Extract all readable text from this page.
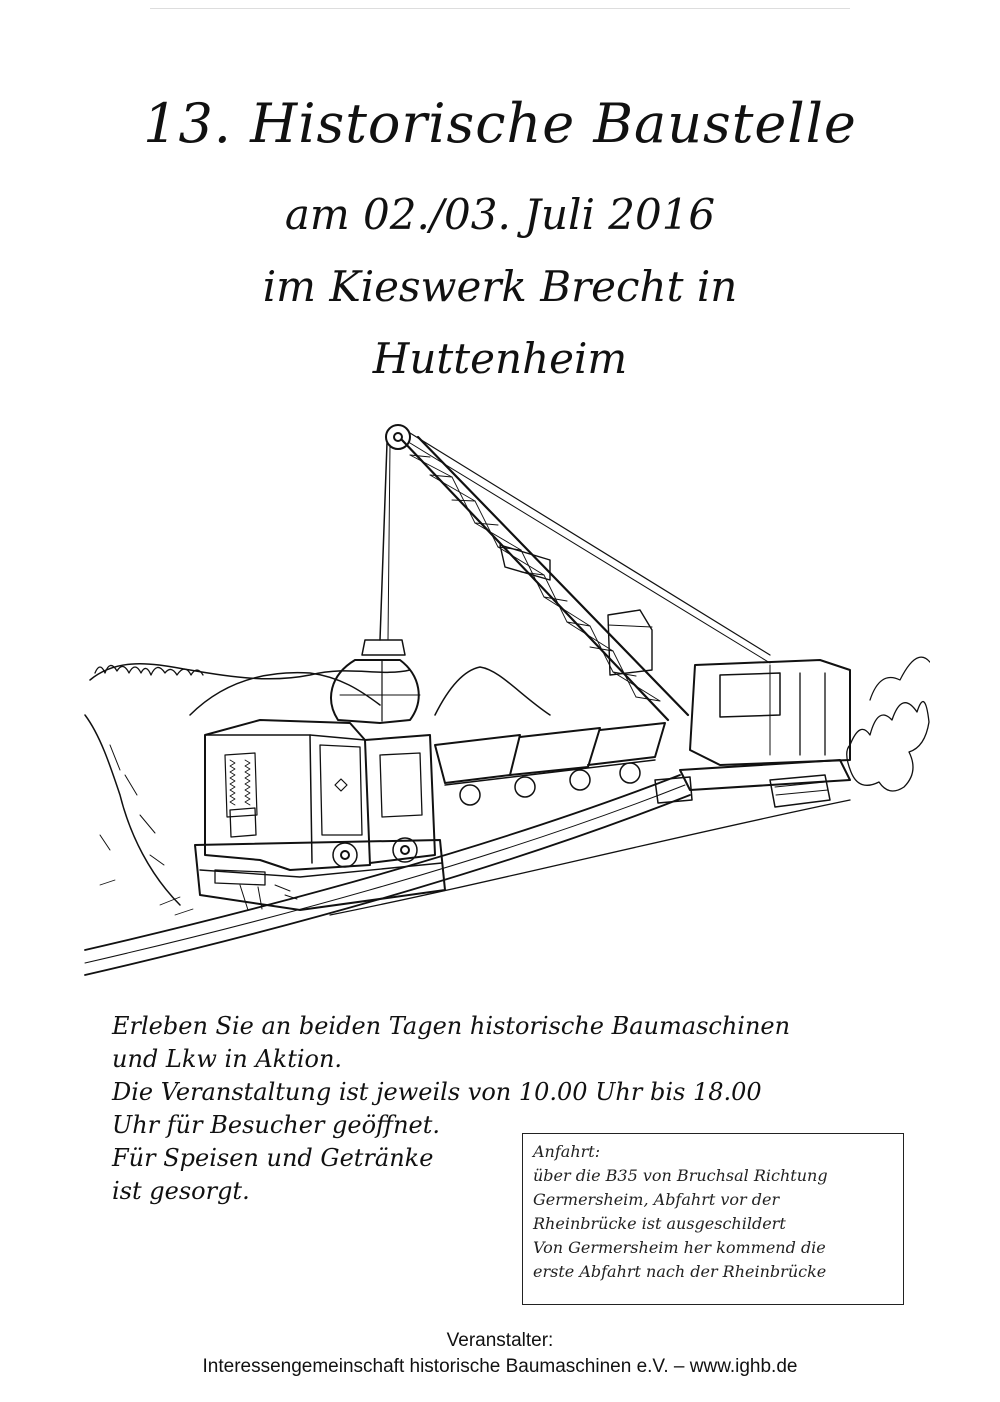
13. Historische Baustelle

am 02./03. Juli 2016

im Kieswerk Brecht in

Huttenheim

Erleben Sie an beiden Tagen historische Baumaschinen
und Lkw in Aktion.
Die Veranstaltung ist jeweils von 10.00 Uhr bis 18.00
Uhr für Besucher geöffnet.
Für Speisen und Getränke
ist gesorgt.
Anfahrt:
über die B35 von Bruchsal Richtung
Germersheim, Abfahrt vor der
Rheinbrücke ist ausgeschildert
Von Germersheim her kommend die
erste Abfahrt nach der Rheinbrücke
Veranstalter:
Interessengemeinschaft historische Baumaschinen e.V. – www.ighb.de
